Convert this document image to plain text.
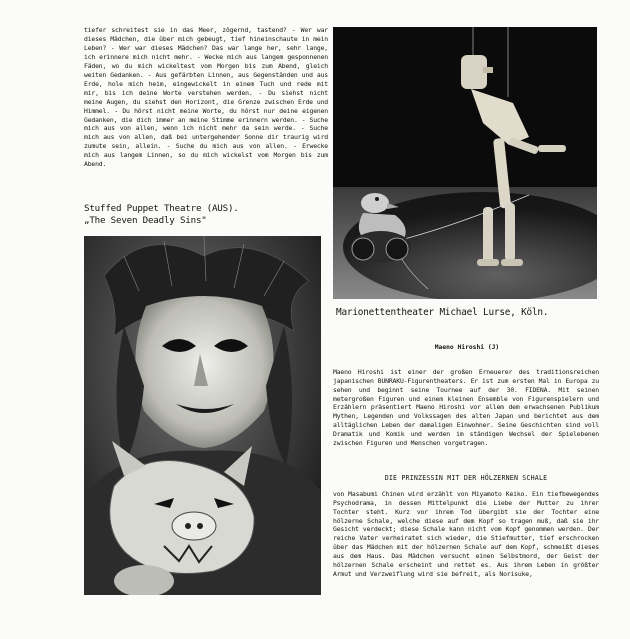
tiefer schreitest sie in das Meer, zögernd, tastend? - Wer war dieses Mädchen, die über mich gebeugt, tief hineinschaute in mein Leben? - Wer war dieses Mädchen? Das war lange her, sehr lange, ich erinnere mich nicht mehr. - Wecke mich aus langem gesponnenen Fäden, wo du mich wickeltest vom Morgen bis zum Abend, gleich weiten Gedanken. - Aus gefärbten Linnen, aus Gegenständen und aus Erde, hole mich heim, eingewickelt in einem Tuch und rede mit mir, bis ich deine Worte verstehen werden. - Du siehst nicht meine Augen, du siehst den Horizont, die Grenze zwischen Erde und Himmel. - Du hörst nicht meine Worte, du hörst nur deine eigenen Gedanken, die dich immer an meine Stimme erinnern werden. - Suche mich aus von allen, wenn ich nicht mehr da sein werde. - Suche mich aus von allen, daß bei untergehender Sonne dir traurig wird zumute sein, allein. - Suche du mich aus von allen. - Erwecke mich aus langem Linnen, so du mich wickelst vom Morgen bis zum Abend.

Stuffed Puppet Theatre (AUS).
„The Seven Deadly Sins"

Marionettentheater Michael Lurse, Köln.

Maeno Hiroshi (J)

Maeno Hiroshi ist einer der großen Erneuerer des traditionsreichen japanischen BUNRAKU-Figurentheaters. Er ist zum ersten Mal in Europa zu sehen und beginnt seine Tournee auf der 30. FIDENA. Mit seinen metergroßen Figuren und einem kleinen Ensemble von Figurenspielern und Erzählern präsentiert Maeno Hiroshi vor allem dem erwachsenen Publikum Mythen, Legenden und Volkssagen des alten Japan und berichtet aus dem alltäglichen Leben der damaligen Einwohner. Seine Geschichten sind voll Dramatik und Komik und werden im ständigen Wechsel der Spielebenen zwischen Figuren und Menschen vorgetragen.

DIE PRINZESSIN MIT DER HÖLZERNEN SCHALE

von Masabumi Chinen wird erzählt von Miyamoto Keiko. Ein tiefbewegendes Psychodrama, in dessen Mittelpunkt die Liebe der Mutter zu ihrer Tochter steht. Kurz vor ihrem Tod übergibt sie der Tochter eine hölzerne Schale, welche diese auf dem Kopf so tragen muß, daß sie ihr Gesicht verdeckt; diese Schale kann nicht vom Kopf genommen werden. Der reiche Vater verheiratet sich wieder, die Stiefmutter, tief erschrocken über das Mädchen mit der hölzernen Schale auf dem Kopf, schmeißt dieses aus dem Haus. Das Mädchen versucht einen Selbstmord, der Geist der hölzernen Schale erscheint und rettet es. Aus ihrem Leben in größter Armut und Verzweiflung wird sie befreit, als Norisuke,
